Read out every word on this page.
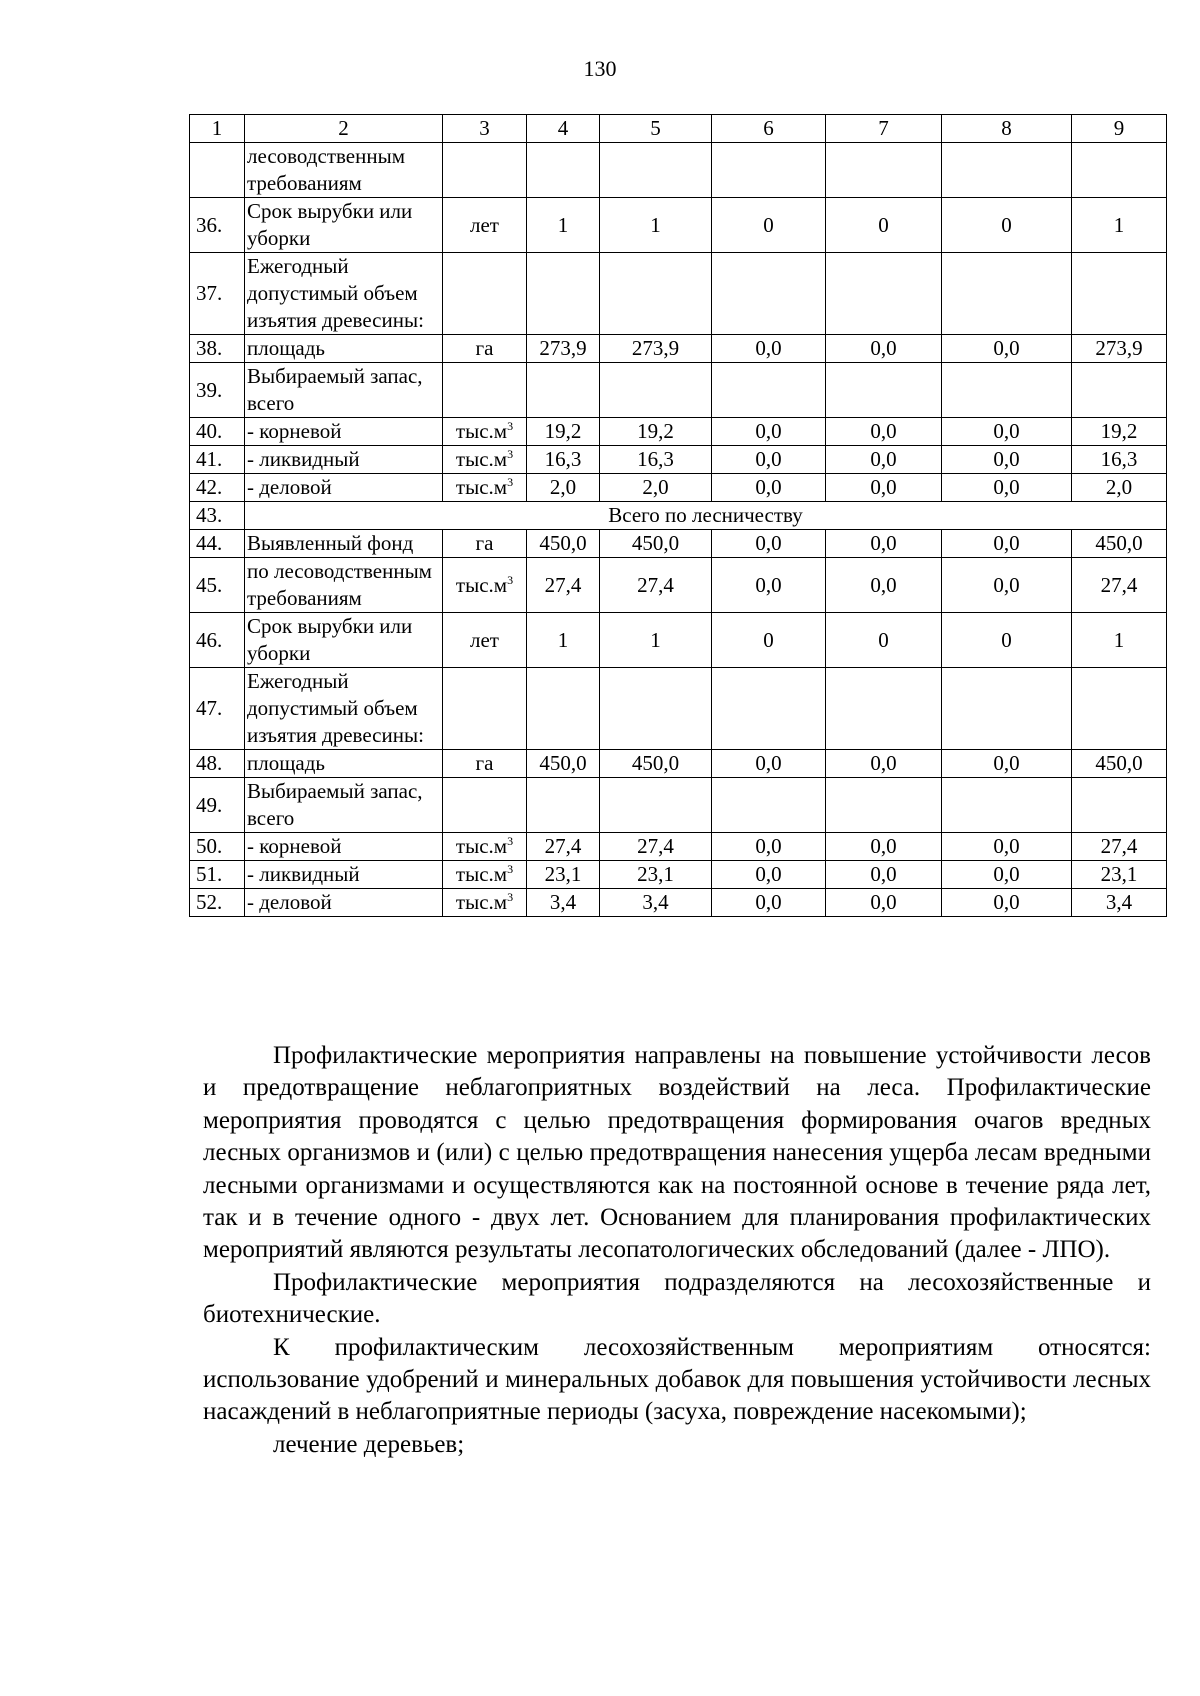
130
1	2	3	4	5	6	7	8	9
	лесоводственным требованиям							
36.	Срок вырубки или уборки	лет	1	1	0	0	0	1
37.	Ежегодный допустимый объем изъятия древесины:							
38.	площадь	га	273,9	273,9	0,0	0,0	0,0	273,9
39.	Выбираемый запас, всего							
40.	- корневой	$тыс.м^3$	19,2	19,2	0,0	0,0	0,0	19,2
41.	- ликвидный	$тыс.м^3$	16,3	16,3	0,0	0,0	0,0	16,3
42.	- деловой	$тыс.м^3$	2,0	2,0	0,0	0,0	0,0	2,0
43.	Всего по лесничеству							
44.	Выявленный фонд	га	450,0	450,0	0,0	0,0	0,0	450,0
45.	по лесоводственным требованиям	$тыс.м^3$	27,4	27,4	0,0	0,0	0,0	27,4
46.	Срок вырубки или уборки	лет	1	1	0	0	0	1
47.	Ежегодный допустимый объем изъятия древесины:							
48.	площадь	га	450,0	450,0	0,0	0,0	0,0	450,0
49.	Выбираемый запас, всего							
50.	- корневой	$тыс.м^3$	27,4	27,4	0,0	0,0	0,0	27,4
51.	- ликвидный	$тыс.м^3$	23,1	23,1	0,0	0,0	0,0	23,1
52.	- деловой	$тыс.м^3$	3,4	3,4	0,0	0,0	0,0	3,4

Профилактические мероприятия направлены на повышение устойчивости лесов и предотвращение неблагоприятных воздействий на леса. Профилактические мероприятия проводятся с целью предотвращения формирования очагов вредных лесных организмов и (или) с целью предотвращения нанесения ущерба лесам вредными лесными организмами и осуществляются как на постоянной основе в течение ряда лет, так и в течение одного - двух лет. Основанием для планирования профилактических мероприятий являются результаты лесопатологических обследований (далее - ЛПО).

Профилактические мероприятия подразделяются на лесохозяйственные и биотехнические.

К профилактическим лесохозяйственным мероприятиям относятся: использование удобрений и минеральных добавок для повышения устойчивости лесных насаждений в неблагоприятные периоды (засуха, повреждение насекомыми);

лечение деревьев;
